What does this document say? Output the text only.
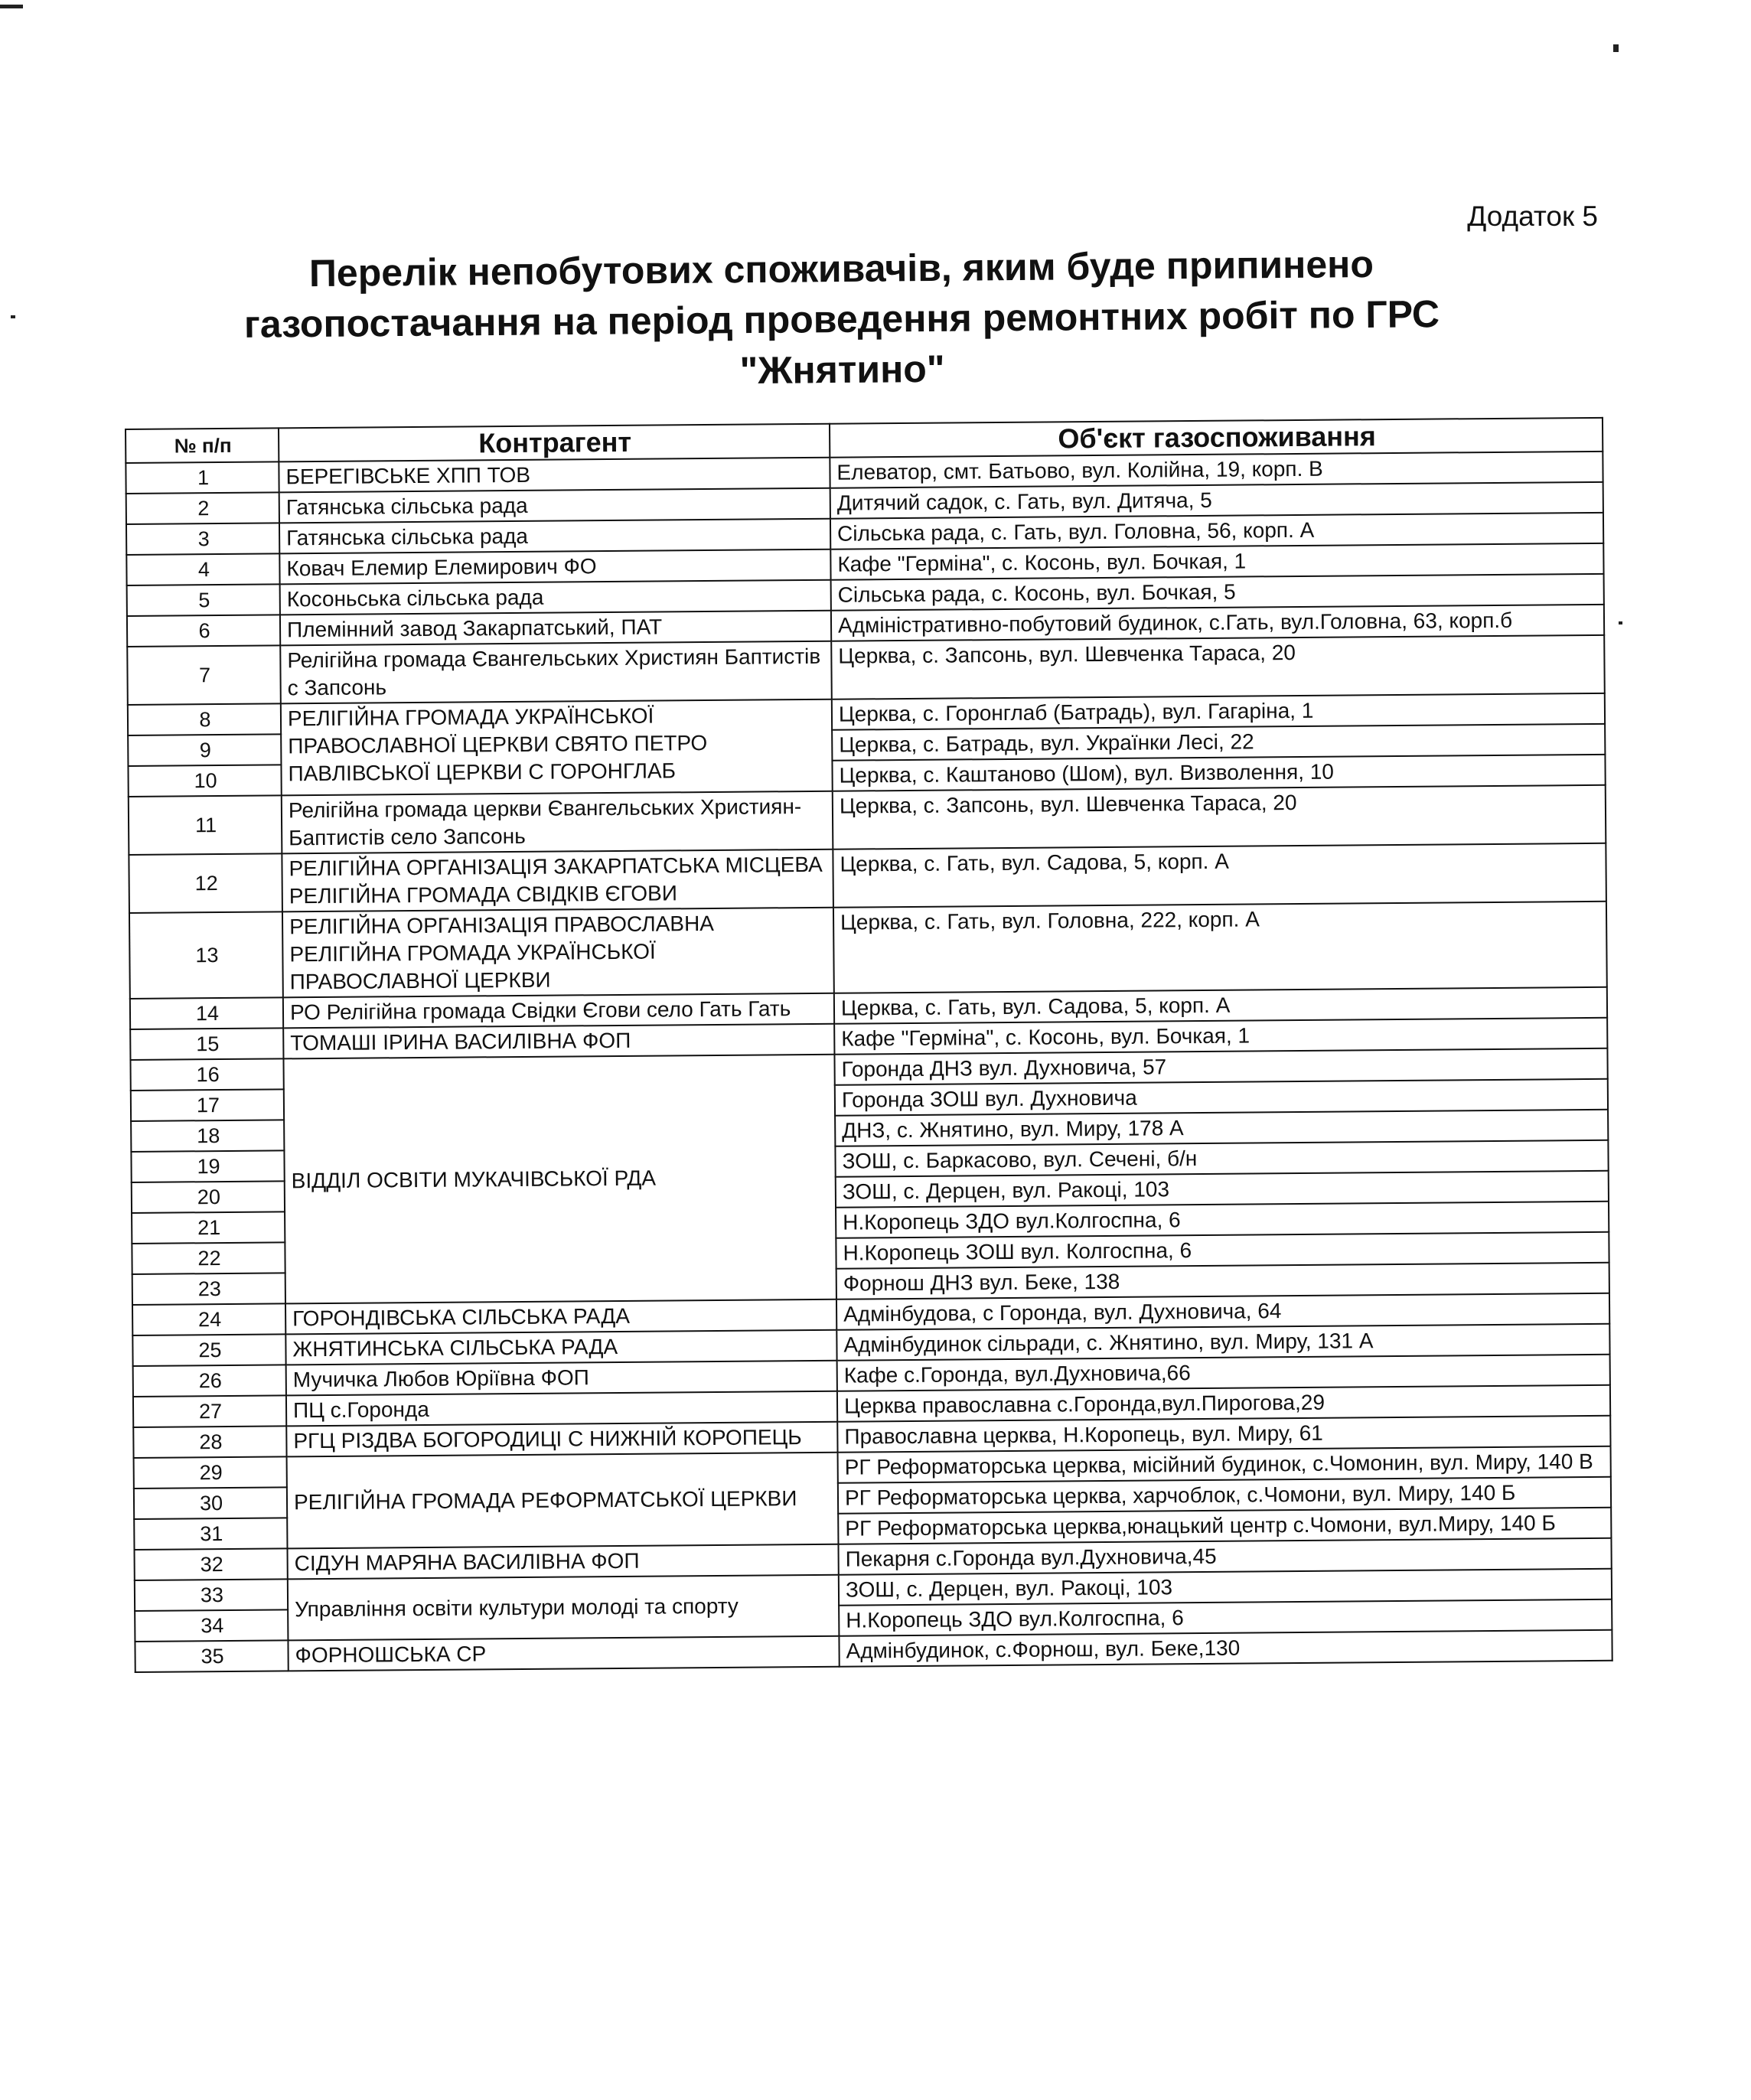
Додаток 5
Перелік непобутових споживачів, яким буде припинено
газопостачання на період проведення ремонтних робіт по ГРС
"Жнятино"
№ п/п	Контрагент	Об'єкт газоспоживання
1	БЕРЕГІВСЬКЕ ХПП ТОВ	Елеватор, смт. Батьово, вул. Колійна, 19, корп. В
2	Гатянська сільська рада	Дитячий садок, с. Гать, вул. Дитяча, 5
3	Гатянська сільська рада	Сільська рада, с. Гать, вул. Головна, 56, корп. А
4	Ковач Елемир Елемирович ФО	Кафе "Герміна", с. Косонь, вул. Бочкая, 1
5	Косоньська сільська рада	Сільська рада, с. Косонь, вул. Бочкая, 5
6	Племінний завод Закарпатський, ПАТ	Адміністративно-побутовий будинок, с.Гать, вул.Головна, 63, корп.б
7	Релігійна громада Євангельських Християн Баптистів с Запсонь	Церква, с. Запсонь, вул. Шевченка Тараса, 20
8	РЕЛІГІЙНА ГРОМАДА УКРАЇНСЬКОЇ ПРАВОСЛАВНОЇ ЦЕРКВИ СВЯТО ПЕТРО ПАВЛІВСЬКОЇ ЦЕРКВИ С ГОРОНГЛАБ	Церква, с. Горонглаб (Батрадь), вул. Гагаріна, 1
9		Церква, с. Батрадь, вул. Українки Лесі, 22
10		Церква, с. Каштаново (Шом), вул. Визволення, 10
11	Релігійна громада церкви Євангельських Християн-Баптистів село Запсонь	Церква, с. Запсонь, вул. Шевченка Тараса, 20
12	РЕЛІГІЙНА ОРГАНІЗАЦІЯ ЗАКАРПАТСЬКА МІСЦЕВА РЕЛІГІЙНА ГРОМАДА СВІДКІВ ЄГОВИ	Церква, с. Гать, вул. Садова, 5, корп. А
13	РЕЛІГІЙНА ОРГАНІЗАЦІЯ ПРАВОСЛАВНА РЕЛІГІЙНА ГРОМАДА УКРАЇНСЬКОЇ ПРАВОСЛАВНОЇ ЦЕРКВИ	Церква, с. Гать, вул. Головна, 222, корп. А
14	РО Релігійна громада Свідки Єгови село Гать Гать	Церква, с. Гать, вул. Садова, 5, корп. А
15	ТОМАШІ ІРИНА ВАСИЛІВНА ФОП	Кафе "Герміна", с. Косонь, вул. Бочкая, 1
16	ВІДДІЛ ОСВІТИ МУКАЧІВСЬКОЇ РДА	Горонда ДНЗ вул. Духновича, 57
17		Горонда ЗОШ вул. Духновича
18		ДНЗ, с. Жнятино, вул. Миру, 178 А
19		ЗОШ, с. Баркасово, вул. Сечені, б/н
20		ЗОШ, с. Дерцен, вул. Ракоці, 103
21		Н.Коропець ЗДО вул.Колгоспна, 6
22		Н.Коропець ЗОШ вул. Колгоспна, 6
23		Форнош ДНЗ вул. Беке, 138
24	ГОРОНДІВСЬКА СІЛЬСЬКА РАДА	Адмінбудова, с Горонда, вул. Духновича, 64
25	ЖНЯТИНСЬКА СІЛЬСЬКА РАДА	Адмінбудинок сільради, с. Жнятино, вул. Миру, 131 А
26	Мучичка Любов Юріївна ФОП	Кафе с.Горонда, вул.Духновича,66
27	ПЦ с.Горонда	Церква православна с.Горонда,вул.Пирогова,29
28	РГЦ РІЗДВА БОГОРОДИЦІ С НИЖНІЙ КОРОПЕЦЬ	Православна церква, Н.Коропець, вул. Миру, 61
29	РЕЛІГІЙНА ГРОМАДА РЕФОРМАТСЬКОЇ ЦЕРКВИ	РГ Реформаторська церква, місійний будинок, с.Чомонин, вул. Миру, 140 В
30		РГ Реформаторська церква, харчоблок, с.Чомони, вул. Миру, 140 Б
31		РГ Реформаторська церква,юнацький центр с.Чомони, вул.Миру, 140 Б
32	СІДУН МАРЯНА ВАСИЛІВНА ФОП	Пекарня с.Горонда вул.Духновича,45
33	Управління освіти культури молоді та спорту	ЗОШ, с. Дерцен, вул. Ракоці, 103
34		Н.Коропець ЗДО вул.Колгоспна, 6
35	ФОРНОШСЬКА СР	Адмінбудинок, с.Форнош, вул. Беке,130
